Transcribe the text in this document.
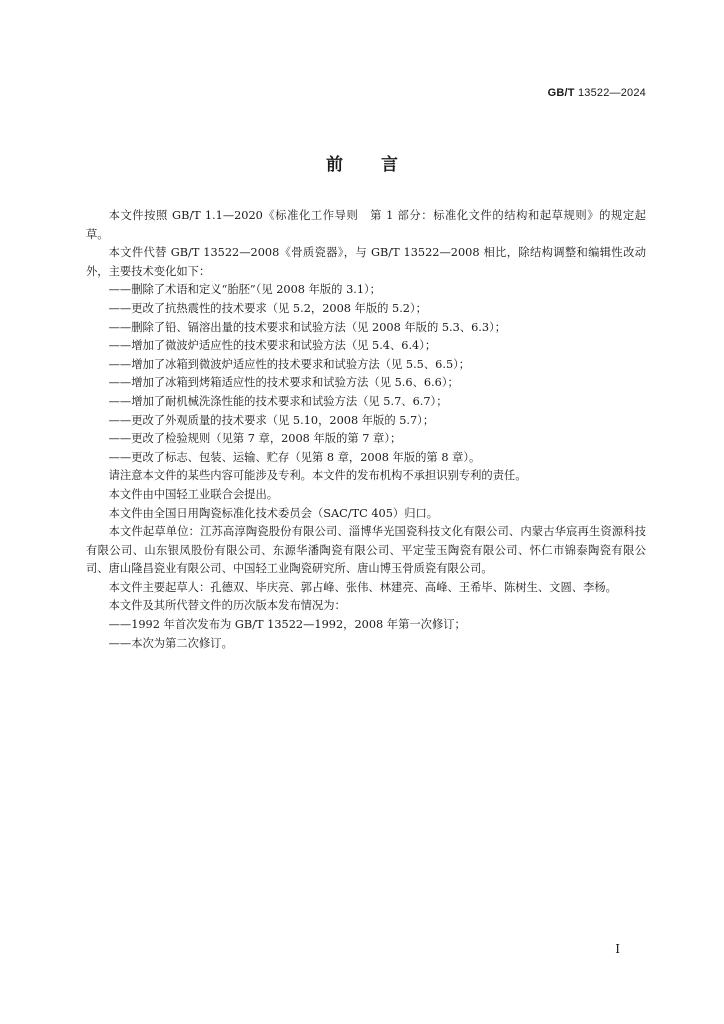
GB/T 13522—2024
前言

本文件按照 GB/T 1.1—2020《标准化工作导则　第 1 部分：标准化文件的结构和起草规则》的规定起草。

本文件代替 GB/T 13522—2008《骨质瓷器》，与 GB/T 13522—2008 相比，除结构调整和编辑性改动外，主要技术变化如下：

——删除了术语和定义“胎胚”（见 2008 年版的 3.1）；

——更改了抗热震性的技术要求（见 5.2，2008 年版的 5.2）；

——删除了铅、镉溶出量的技术要求和试验方法（见 2008 年版的 5.3、6.3）；

——增加了微波炉适应性的技术要求和试验方法（见 5.4、6.4）；

——增加了冰箱到微波炉适应性的技术要求和试验方法（见 5.5、6.5）；

——增加了冰箱到烤箱适应性的技术要求和试验方法（见 5.6、6.6）；

——增加了耐机械洗涤性能的技术要求和试验方法（见 5.7、6.7）；

——更改了外观质量的技术要求（见 5.10，2008 年版的 5.7）；

——更改了检验规则（见第 7 章，2008 年版的第 7 章）；

——更改了标志、包装、运输、贮存（见第 8 章，2008 年版的第 8 章）。

请注意本文件的某些内容可能涉及专利。本文件的发布机构不承担识别专利的责任。

本文件由中国轻工业联合会提出。

本文件由全国日用陶瓷标准化技术委员会（SAC/TC 405）归口。

本文件起草单位：江苏高淳陶瓷股份有限公司、淄博华光国瓷科技文化有限公司、内蒙古华宸再生资源科技有限公司、山东银凤股份有限公司、东源华潘陶瓷有限公司、平定莹玉陶瓷有限公司、怀仁市锦泰陶瓷有限公司、唐山隆昌瓷业有限公司、中国轻工业陶瓷研究所、唐山博玉骨质瓷有限公司。

本文件主要起草人：孔德双、毕庆亮、郭占峰、张伟、林建亮、高峰、王希毕、陈树生、文圆、李杨。

本文件及其所代替文件的历次版本发布情况为：

——1992 年首次发布为 GB/T 13522—1992，2008 年第一次修订；

——本次为第二次修订。

I
